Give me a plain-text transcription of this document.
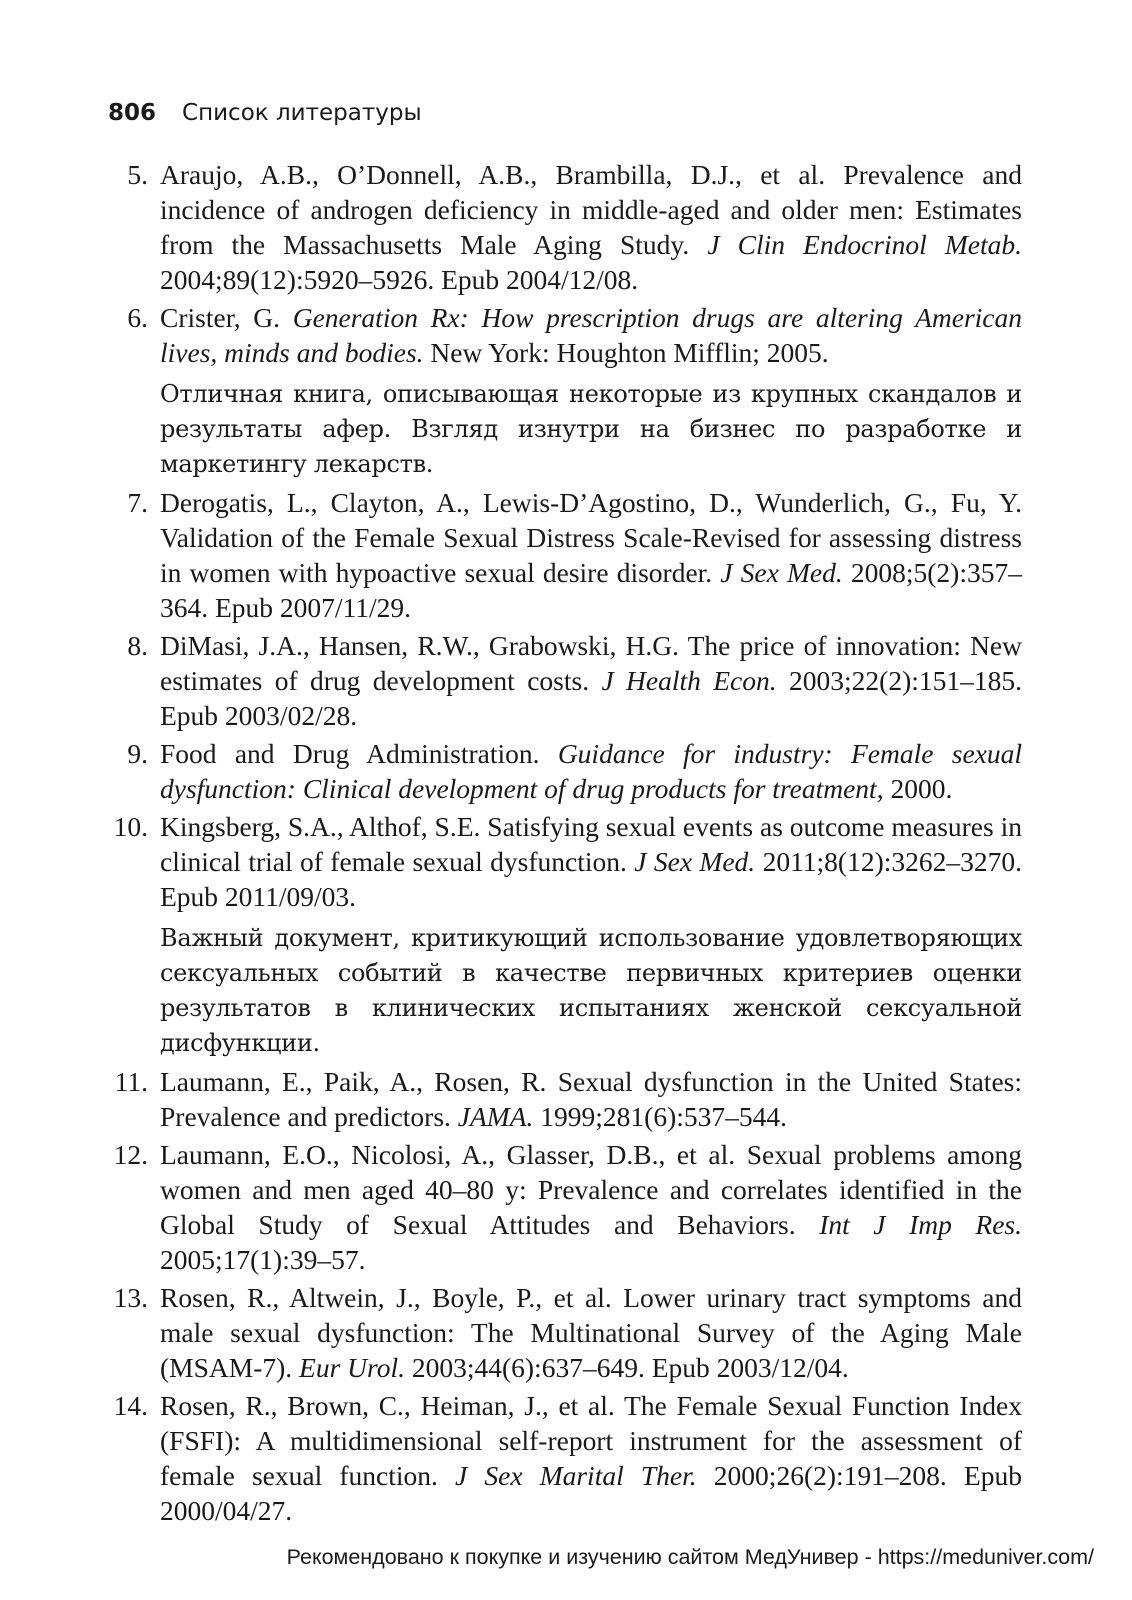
806 Список литературы
5. Araujo, A.B., O’Donnell, A.B., Brambilla, D.J., et al. Prevalence and incidence of androgen deficiency in middle-aged and older men: Estimates from the Massachusetts Male Aging Study. J Clin Endocrinol Metab. 2004;89(12):5920–5926. Epub 2004/12/08.
6. Crister, G. Generation Rx: How prescription drugs are altering American lives, minds and bodies. New York: Houghton Mifflin; 2005.
Отличная книга, описывающая некоторые из крупных скандалов и результаты афер. Взгляд изнутри на бизнес по разработке и маркетингу лекарств.
7. Derogatis, L., Clayton, A., Lewis-D’Agostino, D., Wunderlich, G., Fu, Y. Validation of the Female Sexual Distress Scale-Revised for assessing distress in women with hypoactive sexual desire disorder. J Sex Med. 2008;5(2):357–364. Epub 2007/11/29.
8. DiMasi, J.A., Hansen, R.W., Grabowski, H.G. The price of innovation: New estimates of drug development costs. J Health Econ. 2003;22(2):151–185. Epub 2003/02/28.
9. Food and Drug Administration. Guidance for industry: Female sexual dysfunction: Clinical development of drug products for treatment, 2000.
10. Kingsberg, S.A., Althof, S.E. Satisfying sexual events as outcome measures in clinical trial of female sexual dysfunction. J Sex Med. 2011;8(12):3262–3270. Epub 2011/09/03.
Важный документ, критикующий использование удовлетворяющих сексуальных событий в качестве первичных критериев оценки результатов в клинических испытаниях женской сексуальной дисфункции.
11. Laumann, E., Paik, A., Rosen, R. Sexual dysfunction in the United States: Prevalence and predictors. JAMA. 1999;281(6):537–544.
12. Laumann, E.O., Nicolosi, A., Glasser, D.B., et al. Sexual problems among women and men aged 40–80 y: Prevalence and correlates identified in the Global Study of Sexual Attitudes and Behaviors. Int J Imp Res. 2005;17(1):39–57.
13. Rosen, R., Altwein, J., Boyle, P., et al. Lower urinary tract symptoms and male sexual dysfunction: The Multinational Survey of the Aging Male (MSAM-7). Eur Urol. 2003;44(6):637–649. Epub 2003/12/04.
14. Rosen, R., Brown, C., Heiman, J., et al. The Female Sexual Function Index (FSFI): A multidimensional self-report instrument for the assessment of female sexual function. J Sex Marital Ther. 2000;26(2):191–208. Epub 2000/04/27.
Рекомендовано к покупке и изучению сайтом МедУнивер - https://meduniver.com/
